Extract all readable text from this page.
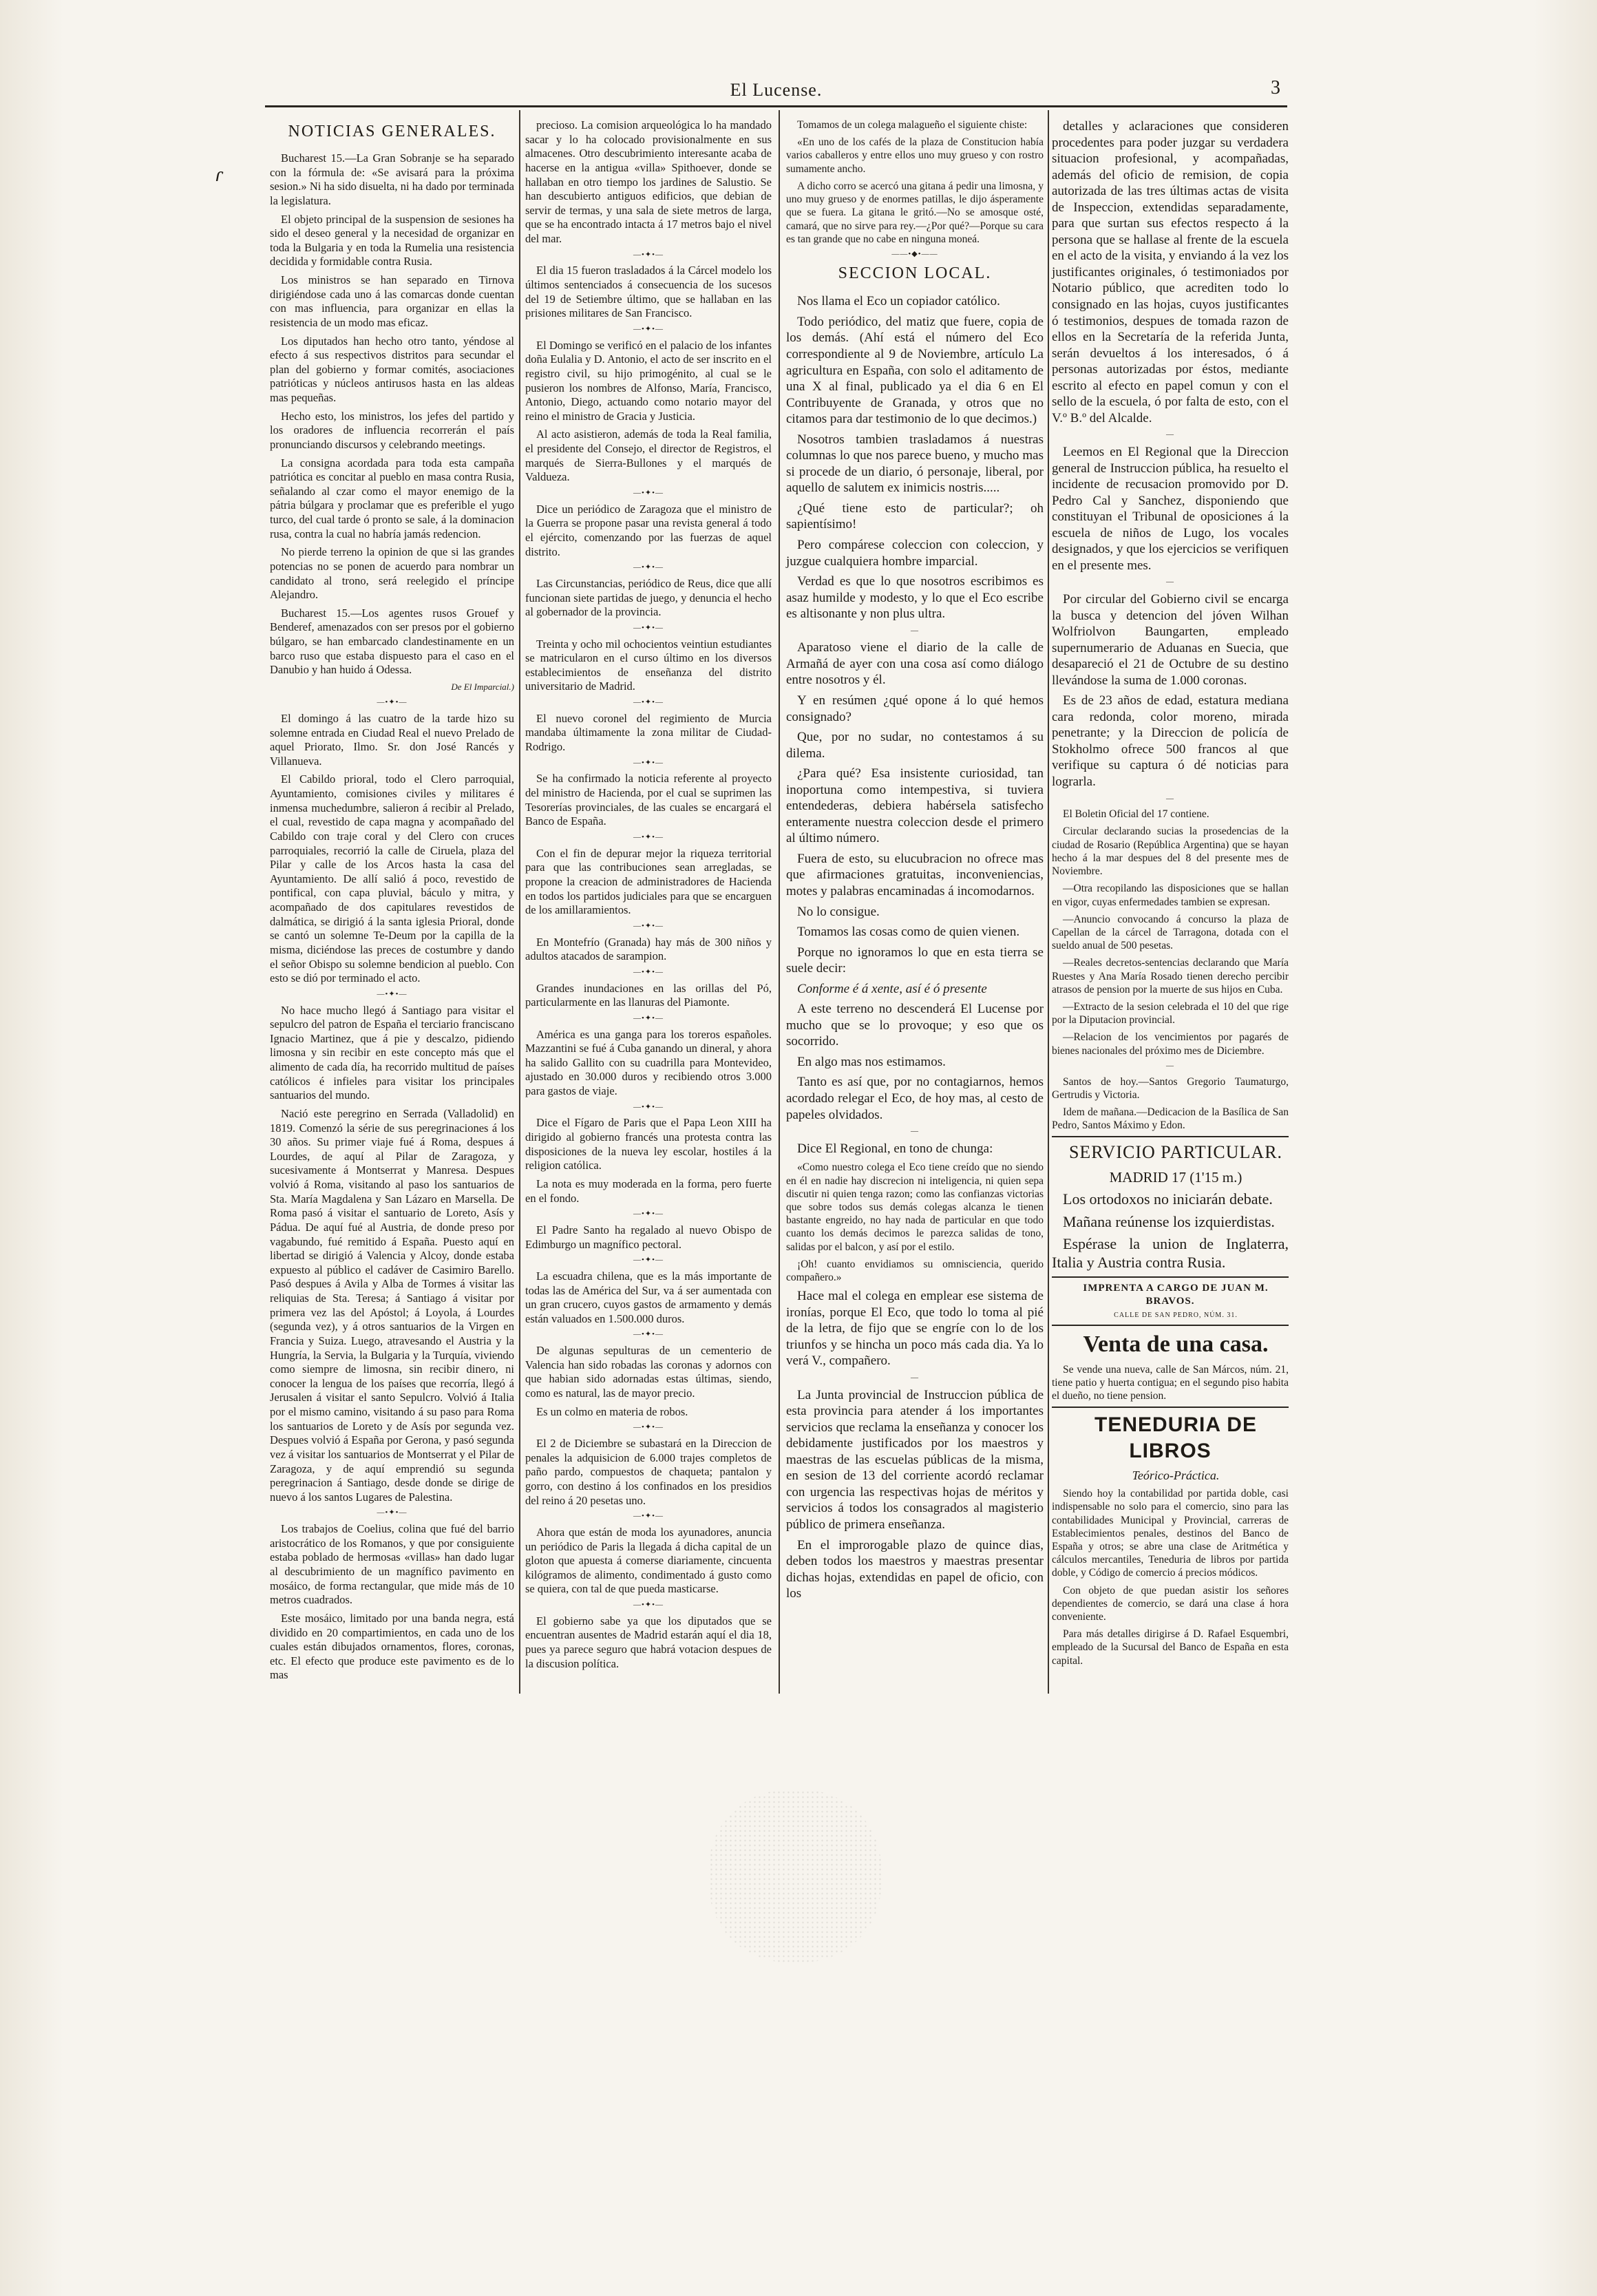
El Lucense.	3
ɾ

NOTICIAS GENERALES.

Bucharest 15.—La Gran Sobranje se ha separado con la fórmula de: «Se avisará para la próxima sesion.» Ni ha sido disuelta, ni ha dado por terminada la legislatura.

El objeto principal de la suspension de sesiones ha sido el deseo general y la necesidad de organizar en toda la Bulgaria y en toda la Rumelia una resistencia decidida y formidable contra Rusia.

Los ministros se han separado en Tirnova dirigiéndose cada uno á las comarcas donde cuentan con mas influencia, para organizar en ellas la resistencia de un modo mas eficaz.

Los diputados han hecho otro tanto, yéndose al efecto á sus respectivos distritos para secundar el plan del gobierno y formar comités, asociaciones patrióticas y núcleos antirusos hasta en las aldeas mas pequeñas.

Hecho esto, los ministros, los jefes del partido y los oradores de influencia recorrerán el país pronunciando discursos y celebrando meetings.

La consigna acordada para toda esta campaña patriótica es concitar al pueblo en masa contra Rusia, señalando al czar como el mayor enemigo de la pátria búlgara y proclamar que es preferible el yugo turco, del cual tarde ó pronto se sale, á la dominacion rusa, contra la cual no habría jamás redencion.

No pierde terreno la opinion de que si las grandes potencias no se ponen de acuerdo para nombrar un candidato al trono, será reelegido el príncipe Alejandro.

Bucharest 15.—Los agentes rusos Grouef y Benderef, amenazados con ser presos por el gobierno búlgaro, se han embarcado clandestinamente en un barco ruso que estaba dispuesto para el caso en el Danubio y han huido á Odessa.

De El Imparcial.)

—•✦•—

El domingo á las cuatro de la tarde hizo su solemne entrada en Ciudad Real el nuevo Prelado de aquel Priorato, Ilmo. Sr. don José Rancés y Villanueva.

El Cabildo prioral, todo el Clero parroquial, Ayuntamiento, comisiones civiles y militares é inmensa muchedumbre, salieron á recibir al Prelado, el cual, revestido de capa magna y acompañado del Cabildo con traje coral y del Clero con cruces parroquiales, recorrió la calle de Ciruela, plaza del Pilar y calle de los Arcos hasta la casa del Ayuntamiento. De allí salió á poco, revestido de pontifical, con capa pluvial, báculo y mitra, y acompañado de dos capitulares revestidos de dalmática, se dirigió á la santa iglesia Prioral, donde se cantó un solemne Te-Deum por la capilla de la misma, diciéndose las preces de costumbre y dando el señor Obispo su solemne bendicion al pueblo. Con esto se dió por terminado el acto.

—•✦•—

No hace mucho llegó á Santiago para visitar el sepulcro del patron de España el terciario franciscano Ignacio Martinez, que á pie y descalzo, pidiendo limosna y sin recibir en este concepto más que el alimento de cada día, ha recorrido multitud de países católicos é infieles para visitar los principales santuarios del mundo.

Nació este peregrino en Serrada (Valladolid) en 1819. Comenzó la série de sus peregrinaciones á los 30 años. Su primer viaje fué á Roma, despues á Lourdes, de aquí al Pilar de Zaragoza, y sucesivamente á Montserrat y Manresa. Despues volvió á Roma, visitando al paso los santuarios de Sta. María Magdalena y San Lázaro en Marsella. De Roma pasó á visitar el santuario de Loreto, Asís y Pádua. De aquí fué al Austria, de donde preso por vagabundo, fué remitido á España. Puesto aquí en libertad se dirigió á Valencia y Alcoy, donde estaba expuesto al público el cadáver de Casimiro Barello. Pasó despues á Avila y Alba de Tormes á visitar las reliquias de Sta. Teresa; á Santiago á visitar por primera vez las del Apóstol; á Loyola, á Lourdes (segunda vez), y á otros santuarios de la Virgen en Francia y Suiza. Luego, atravesando el Austria y la Hungría, la Servia, la Bulgaria y la Turquía, viviendo como siempre de limosna, sin recibir dinero, ni conocer la lengua de los países que recorría, llegó á Jerusalen á visitar el santo Sepulcro. Volvió á Italia por el mismo camino, visitando á su paso para Roma los santuarios de Loreto y de Asís por segunda vez. Despues volvió á España por Gerona, y pasó segunda vez á visitar los santuarios de Montserrat y el Pilar de Zaragoza, y de aquí emprendió su segunda peregrinacion á Santiago, desde donde se dirige de nuevo á los santos Lugares de Palestina.

—•✦•—

Los trabajos de Coelius, colina que fué del barrio aristocrático de los Romanos, y que por consiguiente estaba poblado de hermosas «villas» han dado lugar al descubrimiento de un magnífico pavimento en mosáico, de forma rectangular, que mide más de 10 metros cuadrados.

Este mosáico, limitado por una banda negra, está dividido en 20 compartimientos, en cada uno de los cuales están dibujados ornamentos, flores, coronas, etc. El efecto que produce este pavimento es de lo mas

precioso. La comision arqueológica lo ha mandado sacar y lo ha colocado provisionalmente en sus almacenes. Otro descubrimiento interesante acaba de hacerse en la antigua «villa» Spithoever, donde se hallaban en otro tiempo los jardines de Salustio. Se han descubierto antiguos edificios, que debian de servir de termas, y una sala de siete metros de larga, que se ha encontrado intacta á 17 metros bajo el nivel del mar.

—•✦•—

El dia 15 fueron trasladados á la Cárcel modelo los últimos sentenciados á consecuencia de los sucesos del 19 de Setiembre último, que se hallaban en las prisiones militares de San Francisco.

—•✦•—

El Domingo se verificó en el palacio de los infantes doña Eulalia y D. Antonio, el acto de ser inscrito en el registro civil, su hijo primogénito, al cual se le pusieron los nombres de Alfonso, María, Francisco, Antonio, Diego, actuando como notario mayor del reino el ministro de Gracia y Justicia.

Al acto asistieron, además de toda la Real familia, el presidente del Consejo, el director de Registros, el marqués de Sierra-Bullones y el marqués de Valdueza.

—•✦•—

Dice un periódico de Zaragoza que el ministro de la Guerra se propone pasar una revista general á todo el ejército, comenzando por las fuerzas de aquel distrito.

—•✦•—

Las Circunstancias, periódico de Reus, dice que allí funcionan siete partidas de juego, y denuncia el hecho al gobernador de la provincia.

—•✦•—

Treinta y ocho mil ochocientos veintiun estudiantes se matricularon en el curso último en los diversos establecimientos de enseñanza del distrito universitario de Madrid.

—•✦•—

El nuevo coronel del regimiento de Murcia mandaba últimamente la zona militar de Ciudad-Rodrigo.

—•✦•—

Se ha confirmado la noticia referente al proyecto del ministro de Hacienda, por el cual se suprimen las Tesorerías provinciales, de las cuales se encargará el Banco de España.

—•✦•—

Con el fin de depurar mejor la riqueza territorial para que las contribuciones sean arregladas, se propone la creacion de administradores de Hacienda en todos los partidos judiciales para que se encarguen de los amillaramientos.

—•✦•—

En Montefrío (Granada) hay más de 300 niños y adultos atacados de sarampion.

—•✦•—

Grandes inundaciones en las orillas del Pó, particularmente en las llanuras del Piamonte.

—•✦•—

América es una ganga para los toreros españoles. Mazzantini se fué á Cuba ganando un dineral, y ahora ha salido Gallito con su cuadrilla para Montevideo, ajustado en 30.000 duros y recibiendo otros 3.000 para gastos de viaje.

—•✦•—

Dice el Fígaro de Paris que el Papa Leon XIII ha dirigido al gobierno francés una protesta contra las disposiciones de la nueva ley escolar, hostiles á la religion católica.

La nota es muy moderada en la forma, pero fuerte en el fondo.

—•✦•—

El Padre Santo ha regalado al nuevo Obispo de Edimburgo un magnífico pectoral.

—•✦•—

La escuadra chilena, que es la más importante de todas las de América del Sur, va á ser aumentada con un gran crucero, cuyos gastos de armamento y demás están valuados en 1.500.000 duros.

—•✦•—

De algunas sepulturas de un cementerio de Valencia han sido robadas las coronas y adornos con que habian sido adornadas estas últimas, siendo, como es natural, las de mayor precio.

Es un colmo en materia de robos.

—•✦•—

El 2 de Diciembre se subastará en la Direccion de penales la adquisicion de 6.000 trajes completos de paño pardo, compuestos de chaqueta; pantalon y gorro, con destino á los confinados en los presidios del reino á 20 pesetas uno.

—•✦•—

Ahora que están de moda los ayunadores, anuncia un periódico de Paris la llegada á dicha capital de un gloton que apuesta á comerse diariamente, cincuenta kilógramos de alimento, condimentado á gusto como se quiera, con tal de que pueda masticarse.

—•✦•—

El gobierno sabe ya que los diputados que se encuentran ausentes de Madrid estarán aquí el dia 18, pues ya parece seguro que habrá votacion despues de la discusion política.

Tomamos de un colega malagueño el siguiente chiste:

«En uno de los cafés de la plaza de Constitucion había varios caballeros y entre ellos uno muy grueso y con rostro sumamente ancho.

A dicho corro se acercó una gitana á pedir una limosna, y uno muy grueso y de enormes patillas, le dijo ásperamente que se fuera. La gitana le gritó.—No se amosque osté, camará, que no sirve para rey.—¿Por qué?—Porque su cara es tan grande que no cabe en ninguna moneá.

——•◆•——

SECCION LOCAL.

Nos llama el Eco un copiador católico.

Todo periódico, del matiz que fuere, copia de los demás. (Ahí está el número del Eco correspondiente al 9 de Noviembre, artículo La agricultura en España, con solo el aditamento de una X al final, publicado ya el dia 6 en El Contribuyente de Granada, y otros que no citamos para dar testimonio de lo que decimos.)

Nosotros tambien trasladamos á nuestras columnas lo que nos parece bueno, y mucho mas si procede de un diario, ó personaje, liberal, por aquello de salutem ex inimicis nostris.....

¿Qué tiene esto de particular?; oh sapientísimo!

Pero compárese coleccion con coleccion, y juzgue cualquiera hombre imparcial.

Verdad es que lo que nosotros escribimos es asaz humilde y modesto, y lo que el Eco escribe es altisonante y non plus ultra.

—

Aparatoso viene el diario de la calle de Armañá de ayer con una cosa así como diálogo entre nosotros y él.

Y en resúmen ¿qué opone á lo qué hemos consignado?

Que, por no sudar, no contestamos á su dilema.

¿Para qué? Esa insistente curiosidad, tan inoportuna como intempestiva, si tuviera entendederas, debiera habérsela satisfecho enteramente nuestra coleccion desde el primero al último número.

Fuera de esto, su elucubracion no ofrece mas que afirmaciones gratuitas, inconveniencias, motes y palabras encaminadas á incomodarnos.

No lo consigue.

Tomamos las cosas como de quien vienen.

Porque no ignoramos lo que en esta tierra se suele decir:

Conforme é á xente, así é ó presente

A este terreno no descenderá El Lucense por mucho que se lo provoque; y eso que os socorrido.

En algo mas nos estimamos.

Tanto es así que, por no contagiarnos, hemos acordado relegar el Eco, de hoy mas, al cesto de papeles olvidados.

—

Dice El Regional, en tono de chunga:

«Como nuestro colega el Eco tiene creído que no siendo en él en nadie hay discrecion ni inteligencia, ni quien sepa discutir ni quien tenga razon; como las confianzas victorias que sobre todos sus demás colegas alcanza le tienen bastante engreido, no hay nada de particular en que todo cuanto los demás decimos le parezca salidas de tono, salidas por el balcon, y así por el estilo.

¡Oh! cuanto envidiamos su omnisciencia, querido compañero.»

Hace mal el colega en emplear ese sistema de ironías, porque El Eco, que todo lo toma al pié de la letra, de fijo que se engríe con lo de los triunfos y se hincha un poco más cada dia. Ya lo verá V., compañero.

—

La Junta provincial de Instruccion pública de esta provincia para atender á los importantes servicios que reclama la enseñanza y conocer los debidamente justificados por los maestros y maestras de las escuelas públicas de la misma, en sesion de 13 del corriente acordó reclamar con urgencia las respectivas hojas de méritos y servicios á todos los consagrados al magisterio público de primera enseñanza.

En el improrogable plazo de quince dias, deben todos los maestros y maestras presentar dichas hojas, extendidas en papel de oficio, con los

detalles y aclaraciones que consideren procedentes para poder juzgar su verdadera situacion profesional, y acompañadas, además del oficio de remision, de copia autorizada de las tres últimas actas de visita de Inspeccion, extendidas separadamente, para que surtan sus efectos respecto á la persona que se hallase al frente de la escuela en el acto de la visita, y enviando á la vez los justificantes originales, ó testimoniados por Notario público, que acrediten todo lo consignado en las hojas, cuyos justificantes ó testimonios, despues de tomada razon de ellos en la Secretaría de la referida Junta, serán devueltos á los interesados, ó á personas autorizadas por éstos, mediante escrito al efecto en papel comun y con el sello de la escuela, ó por falta de esto, con el V.º B.º del Alcalde.

—

Leemos en El Regional que la Direccion general de Instruccion pública, ha resuelto el incidente de recusacion promovido por D. Pedro Cal y Sanchez, disponiendo que constituyan el Tribunal de oposiciones á la escuela de niños de Lugo, los vocales designados, y que los ejercicios se verifiquen en el presente mes.

—

Por circular del Gobierno civil se encarga la busca y detencion del jóven Wilhan Wolfriolvon Baungarten, empleado supernumerario de Aduanas en Suecia, que desapareció el 21 de Octubre de su destino llevándose la suma de 1.000 coronas.

Es de 23 años de edad, estatura mediana cara redonda, color moreno, mirada penetrante; y la Direccion de policía de Stokholmo ofrece 500 francos al que verifique su captura ó dé noticias para lograrla.

—

El Boletin Oficial del 17 contiene.

Circular declarando sucias la prosedencias de la ciudad de Rosario (República Argentina) que se hayan hecho á la mar despues del 8 del presente mes de Noviembre.

—Otra recopilando las disposiciones que se hallan en vigor, cuyas enfermedades tambien se expresan.

—Anuncio convocando á concurso la plaza de Capellan de la cárcel de Tarragona, dotada con el sueldo anual de 500 pesetas.

—Reales decretos-sentencias declarando que María Ruestes y Ana María Rosado tienen derecho percibir atrasos de pension por la muerte de sus hijos en Cuba.

—Extracto de la sesion celebrada el 10 del que rige por la Diputacion provincial.

—Relacion de los vencimientos por pagarés de bienes nacionales del próximo mes de Diciembre.

—

Santos de hoy.—Santos Gregorio Taumaturgo, Gertrudis y Victoria.

Idem de mañana.—Dedicacion de la Basílica de San Pedro, Santos Máximo y Edon.

SERVICIO PARTICULAR.

MADRID 17 (1'15 m.)

Los ortodoxos no iniciarán debate.

Mañana reúnense los izquierdistas.

Espérase la union de Inglaterra, Italia y Austria contra Rusia.

IMPRENTA A CARGO DE JUAN M. BRAVOS.

CALLE DE SAN PEDRO, NÚM. 31.

Venta de una casa.

Se vende una nueva, calle de San Márcos, núm. 21, tiene patio y huerta contigua; en el segundo piso habita el dueño, no tiene pension.

TENEDURIA DE LIBROS

Teórico-Práctica.

Siendo hoy la contabilidad por partida doble, casi indispensable no solo para el comercio, sino para las contabilidades Municipal y Provincial, carreras de Establecimientos penales, destinos del Banco de España y otros; se abre una clase de Aritmética y cálculos mercantiles, Teneduria de libros por partida doble, y Código de comercio á precios módicos.

Con objeto de que puedan asistir los señores dependientes de comercio, se dará una clase á hora conveniente.

Para más detalles dirigirse á D. Rafael Esquembri, empleado de la Sucursal del Banco de España en esta capital.
